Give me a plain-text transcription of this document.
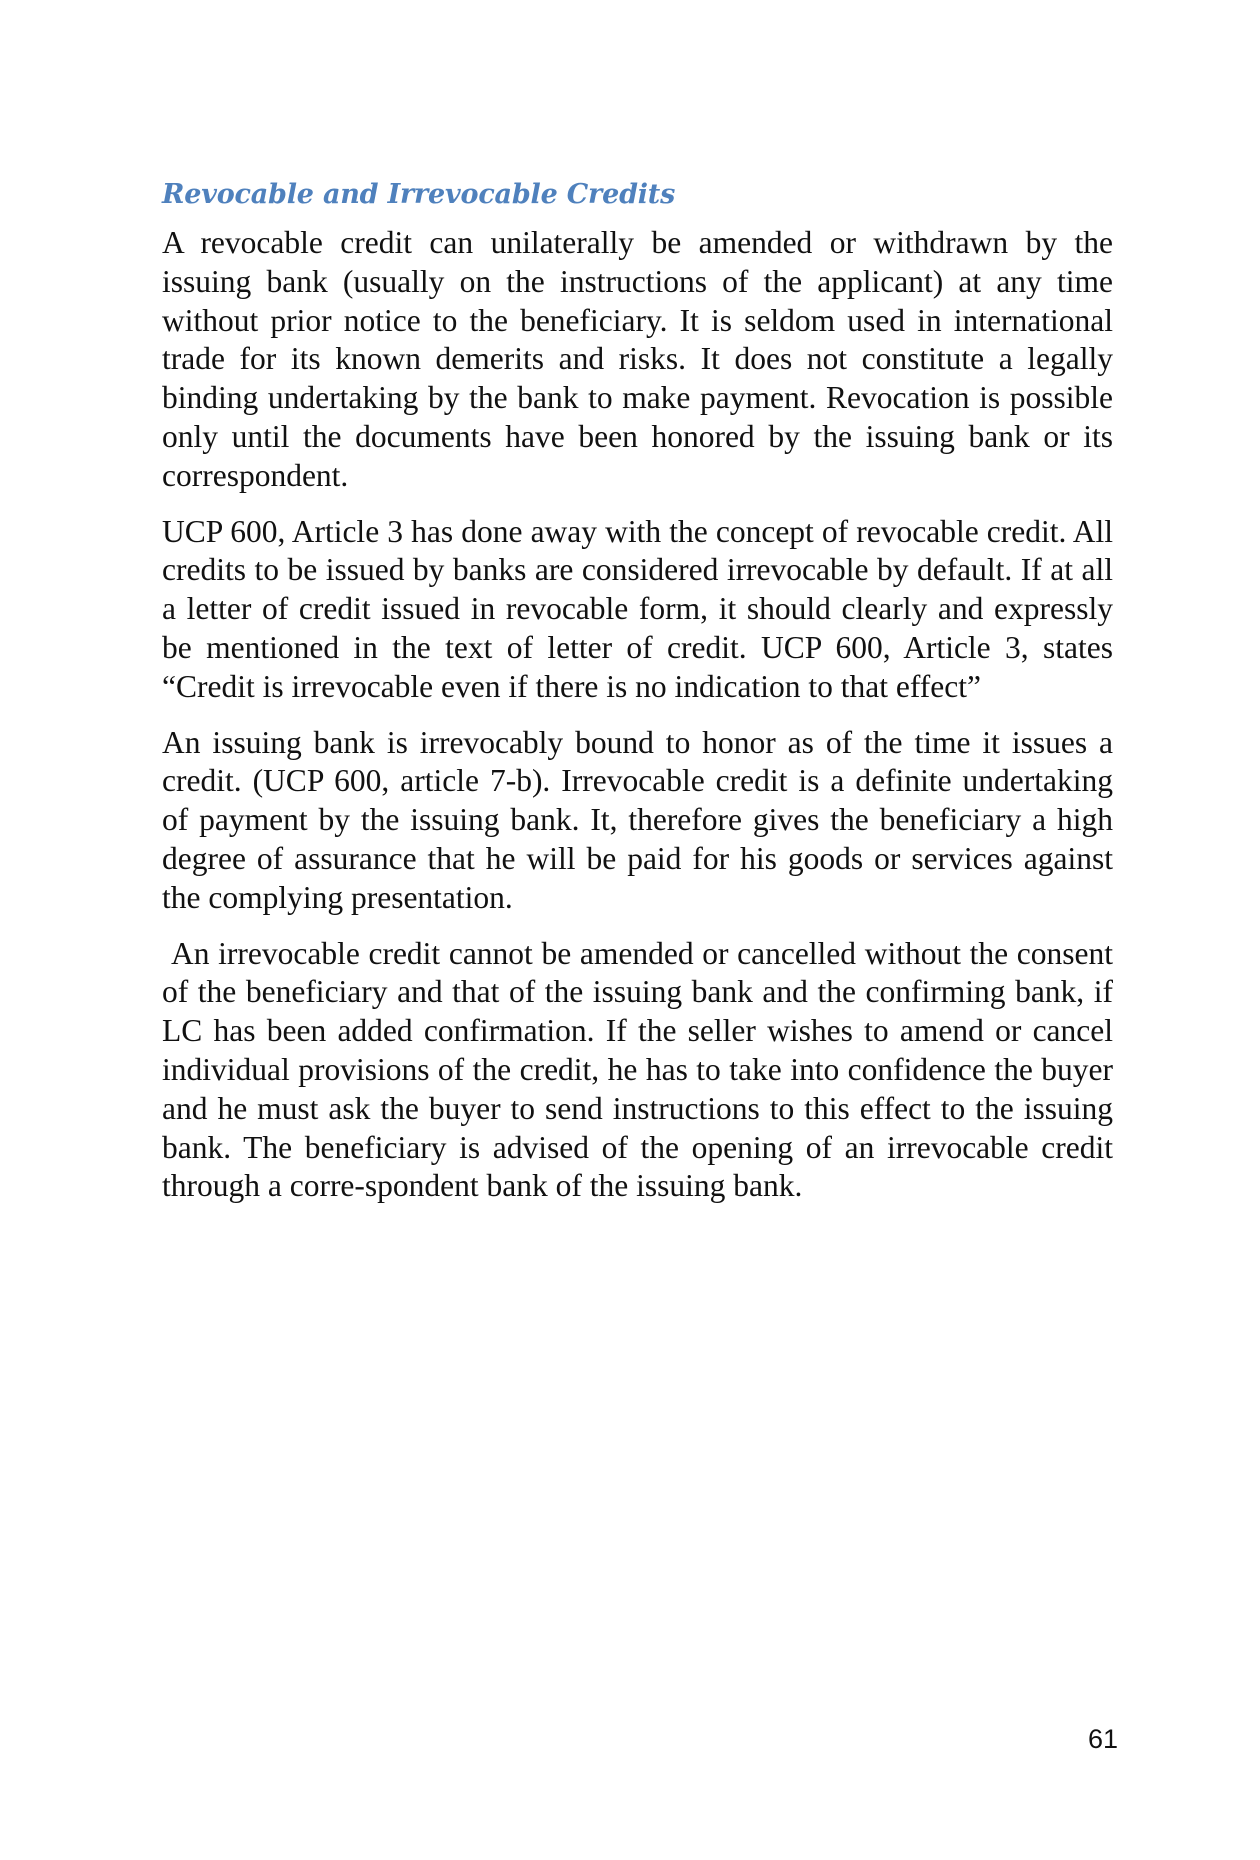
Revocable and Irrevocable Credits

A revocable credit can unilaterally be amended or withdrawn by the issuing bank (usually on the instructions of the applicant) at any time without prior notice to the beneficiary. It is seldom used in international trade for its known demerits and risks. It does not constitute a legally binding undertaking by the bank to make payment. Revocation is possible only until the documents have been honored by the issuing bank or its correspondent.

UCP 600, Article 3 has done away with the concept of revocable credit. All credits to be issued by banks are considered irrevocable by default. If at all a letter of credit issued in revocable form, it should clearly and expressly be mentioned in the text of letter of credit. UCP 600, Article 3, states “Credit is irrevocable even if there is no indication to that effect”

An issuing bank is irrevocably bound to honor as of the time it issues a credit. (UCP 600, article 7-b). Irrevocable credit is a definite undertaking of payment by the issuing bank. It, therefore gives the beneficiary a high degree of assurance that he will be paid for his goods or services against the complying presentation.

An irrevocable credit cannot be amended or cancelled without the consent of the beneficiary and that of the issuing bank and the confirming bank, if LC has been added confirmation. If the seller wishes to amend or cancel individual provisions of the credit, he has to take into confidence the buyer and he must ask the buyer to send instructions to this effect to the issuing bank. The beneficiary is advised of the opening of an irrevocable credit through a corre-spondent bank of the issuing bank.

61
